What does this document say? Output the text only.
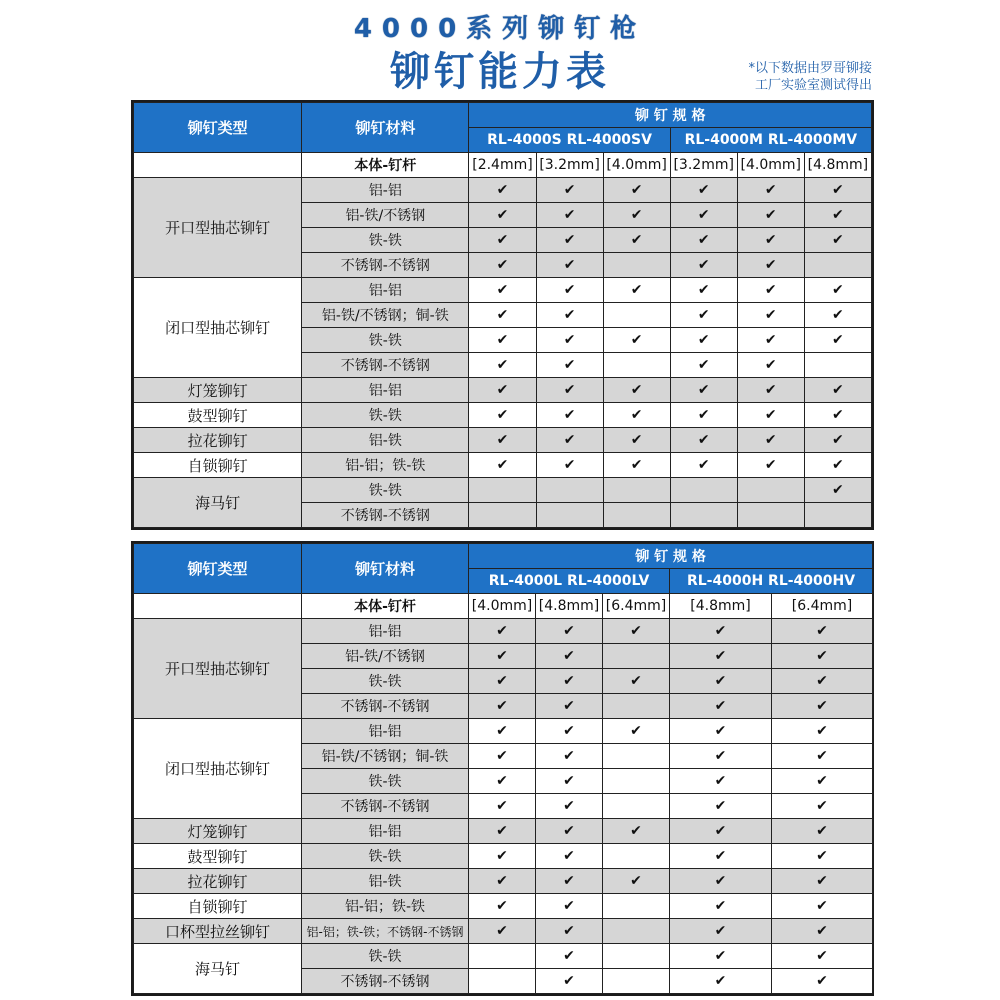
4000系列铆钉枪
铆钉能力表	*以下数据由罗哥铆接
工厂实验室测试得出
铆钉类型	铆钉材料	铆 钉 规 格					
		RL-4000S RL-4000SV			RL-4000M RL-4000MV		
	本体-钉杆	[2.4mm]	[3.2mm]	[4.0mm]	[3.2mm]	[4.0mm]	[4.8mm]
开口型抽芯铆钉	铝-铝	✔	✔	✔	✔	✔	✔
	铝-铁/不锈钢	✔	✔	✔	✔	✔	✔
	铁-铁	✔	✔	✔	✔	✔	✔
	不锈钢-不锈钢	✔	✔		✔	✔	
闭口型抽芯铆钉	铝-铝	✔	✔	✔	✔	✔	✔
	铝-铁/不锈钢；铜-铁	✔	✔		✔	✔	✔
	铁-铁	✔	✔	✔	✔	✔	✔
	不锈钢-不锈钢	✔	✔		✔	✔	
灯笼铆钉	铝-铝	✔	✔	✔	✔	✔	✔
鼓型铆钉	铁-铁	✔	✔	✔	✔	✔	✔
拉花铆钉	铝-铁	✔	✔	✔	✔	✔	✔
自锁铆钉	铝-铝；铁-铁	✔	✔	✔	✔	✔	✔
海马钉	铁-铁						✔
	不锈钢-不锈钢						
铆钉类型	铆钉材料	铆 钉 规 格				
		RL-4000L RL-4000LV			RL-4000H RL-4000HV	
	本体-钉杆	[4.0mm]	[4.8mm]	[6.4mm]	[4.8mm]	[6.4mm]
开口型抽芯铆钉	铝-铝	✔	✔	✔	✔	✔
	铝-铁/不锈钢	✔	✔		✔	✔
	铁-铁	✔	✔	✔	✔	✔
	不锈钢-不锈钢	✔	✔		✔	✔
闭口型抽芯铆钉	铝-铝	✔	✔	✔	✔	✔
	铝-铁/不锈钢；铜-铁	✔	✔		✔	✔
	铁-铁	✔	✔		✔	✔
	不锈钢-不锈钢	✔	✔		✔	✔
灯笼铆钉	铝-铝	✔	✔	✔	✔	✔
鼓型铆钉	铁-铁	✔	✔		✔	✔
拉花铆钉	铝-铁	✔	✔	✔	✔	✔
自锁铆钉	铝-铝；铁-铁	✔	✔		✔	✔
口杯型拉丝铆钉	铝-铝；铁-铁；不锈钢-不锈钢	✔	✔		✔	✔
海马钉	铁-铁		✔		✔	✔
	不锈钢-不锈钢		✔		✔	✔
